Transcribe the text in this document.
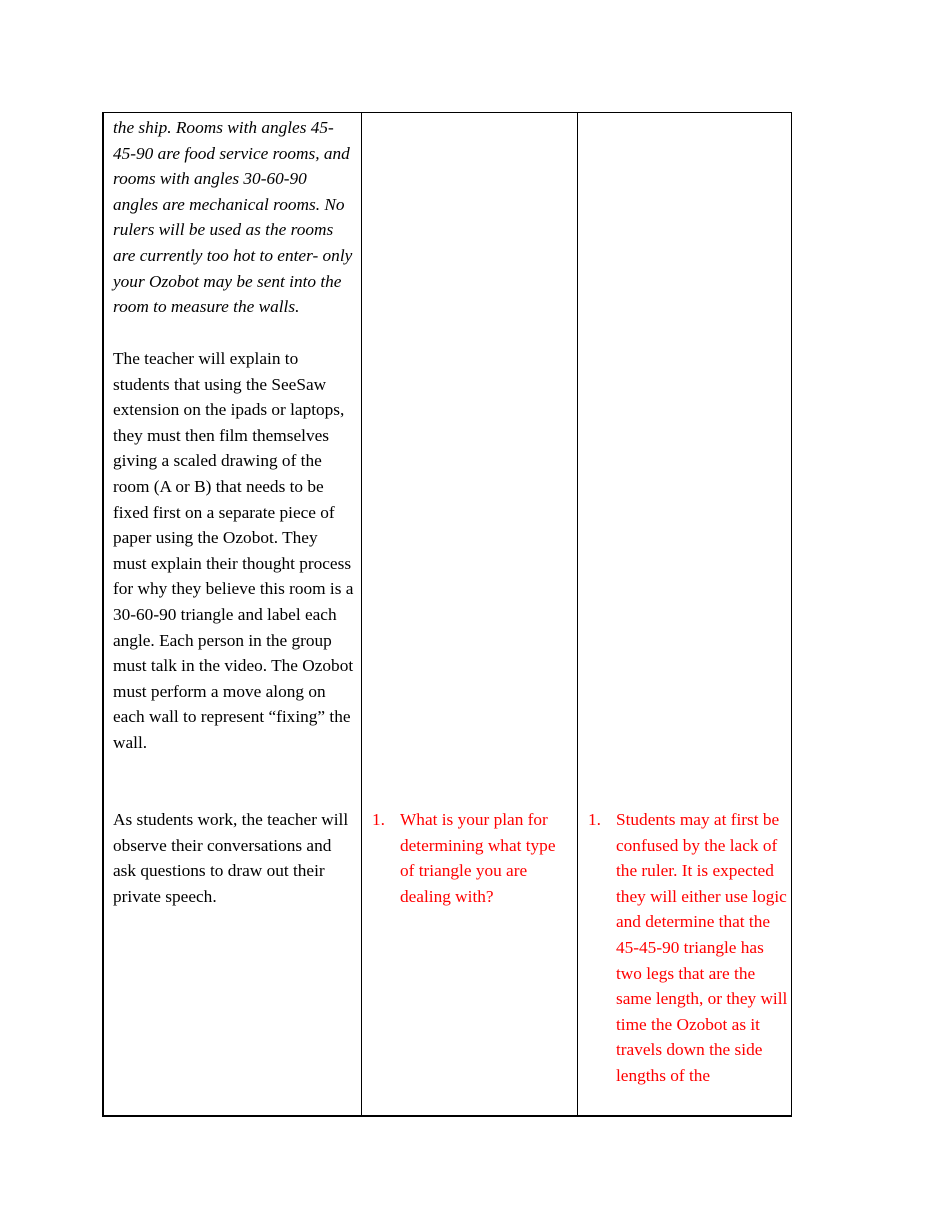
the ship. Rooms with angles 45-45-90 are food service rooms, and rooms with angles 30-60-90 angles are mechanical rooms. No rulers will be used as the rooms are currently too hot to enter- only your Ozobot may be sent into the room to measure the walls.

The teacher will explain to students that using the SeeSaw extension on the ipads or laptops, they must then film themselves giving a scaled drawing of the room (A or B) that needs to be fixed first on a separate piece of paper using the Ozobot. They must explain their thought process for why they believe this room is a 30-60-90 triangle and label each angle. Each person in the group must talk in the video. The Ozobot must perform a move along on each wall to represent “fixing” the wall.

As students work, the teacher will observe their conversations and ask questions to draw out their private speech.

1. What is your plan for determining what type of triangle you are dealing with?
1. Students may at first be confused by the lack of the ruler. It is expected they will either use logic and determine that the 45-45-90 triangle has two legs that are the same length, or they will time the Ozobot as it travels down the side lengths of the
